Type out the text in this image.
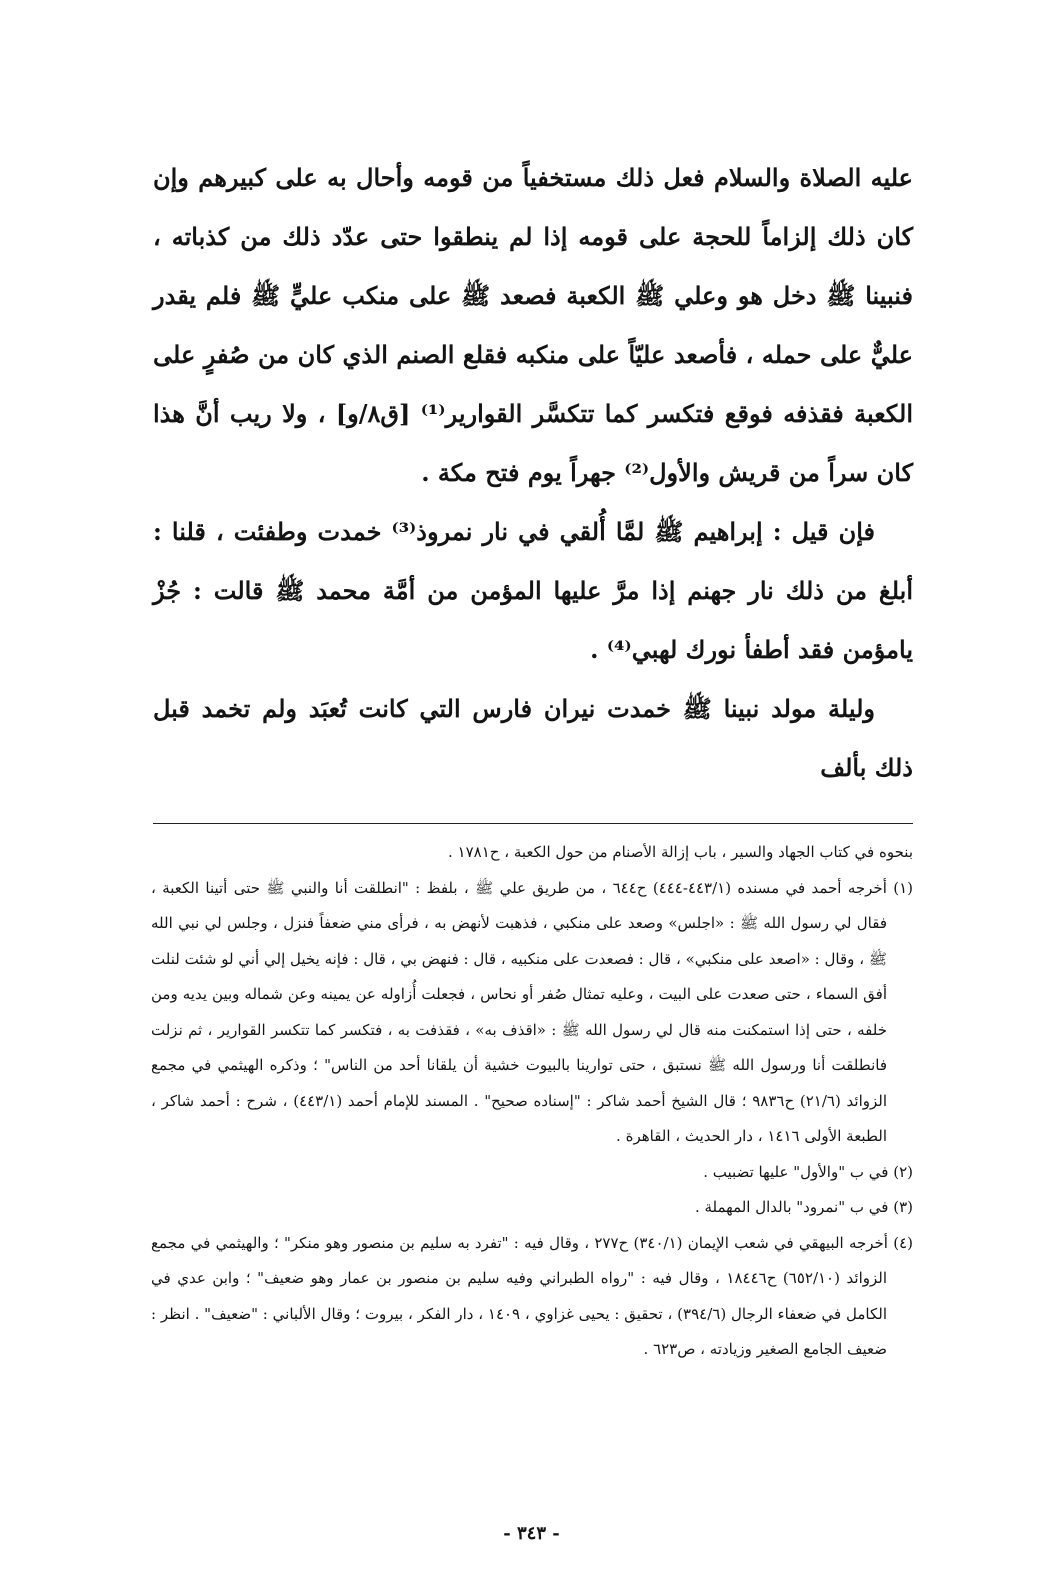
عليه الصلاة والسلام فعل ذلك مستخفياً من قومه وأحال به على كبيرهم وإن كان ذلك إلزاماً للحجة على قومه إذا لم ينطقوا حتى عدّد ذلك من كذباته ، فنبينا ﷺ دخل هو وعلي ﷺ الكعبة فصعد ﷺ على منكب عليٍّ ﷺ فلم يقدر عليٌّ على حمله ، فأصعد عليّاً على منكبه فقلع الصنم الذي كان من صُفرٍ على الكعبة فقذفه فوقع فتكسر كما تتكسَّر القوارير⁽¹⁾ [ق٨/و] ، ولا ريب أنَّ هذا كان سراً من قريش والأول⁽²⁾ جهراً يوم فتح مكة .

فإن قيل : إبراهيم ﷺ لمَّا أُلقي في نار نمروذ⁽³⁾ خمدت وطفئت ، قلنا : أبلغ من ذلك نار جهنم إذا مرَّ عليها المؤمن من أمَّة محمد ﷺ قالت : جُزْ يامؤمن فقد أطفأ نورك لهبي⁽⁴⁾ .

وليلة مولد نبينا ﷺ خمدت نيران فارس التي كانت تُعبَد ولم تخمد قبل ذلك بألف

بنحوه في كتاب الجهاد والسير ، باب إزالة الأصنام من حول الكعبة ، ح١٧٨١ .

(١) أخرجه أحمد في مسنده (٤٤٣/١-٤٤٤) ح٦٤٤ ، من طريق علي ﷺ ، بلفظ : "انطلقت أنا والنبي ﷺ حتى أتينا الكعبة ، فقال لي رسول الله ﷺ : «اجلس» وصعد على منكبي ، فذهبت لأنهض به ، فرأى مني ضعفاً فنزل ، وجلس لي نبي الله ﷺ ، وقال : «اصعد على منكبي» ، قال : فصعدت على منكبيه ، قال : فنهض بي ، قال : فإنه يخيل إلي أني لو شئت لنلت أفق السماء ، حتى صعدت على البيت ، وعليه تمثال صُفر أو نحاس ، فجعلت أُزاوله عن يمينه وعن شماله وبين يديه ومن خلفه ، حتى إذا استمكنت منه قال لي رسول الله ﷺ : «اقذف به» ، فقذفت به ، فتكسر كما تتكسر القوارير ، ثم نزلت فانطلقت أنا ورسول الله ﷺ نستبق ، حتى توارينا بالبيوت خشية أن يلقانا أحد من الناس" ؛ وذكره الهيثمي في مجمع الزوائد (٢١/٦) ح٩٨٣٦ ؛ قال الشيخ أحمد شاكر : "إسناده صحيح" . المسند للإمام أحمد (٤٤٣/١) ، شرح : أحمد شاكر ، الطبعة الأولى ١٤١٦ ، دار الحديث ، القاهرة .

(٢) في ب "والأول" عليها تضبيب .

(٣) في ب "نمرود" بالدال المهملة .

(٤) أخرجه البيهقي في شعب الإيمان (٣٤٠/١) ح٢٧٧ ، وقال فيه : "تفرد به سليم بن منصور وهو منكر" ؛ والهيثمي في مجمع الزوائد (٦٥٢/١٠) ح١٨٤٤٦ ، وقال فيه : "رواه الطبراني وفيه سليم بن منصور بن عمار وهو ضعيف" ؛ وابن عدي في الكامل في ضعفاء الرجال (٣٩٤/٦) ، تحقيق : يحيى غزاوي ، ١٤٠٩ ، دار الفكر ، بيروت ؛ وقال الألباني : "ضعيف" . انظر : ضعيف الجامع الصغير وزيادته ، ص٦٢٣ .

- ٣٤٣ -
